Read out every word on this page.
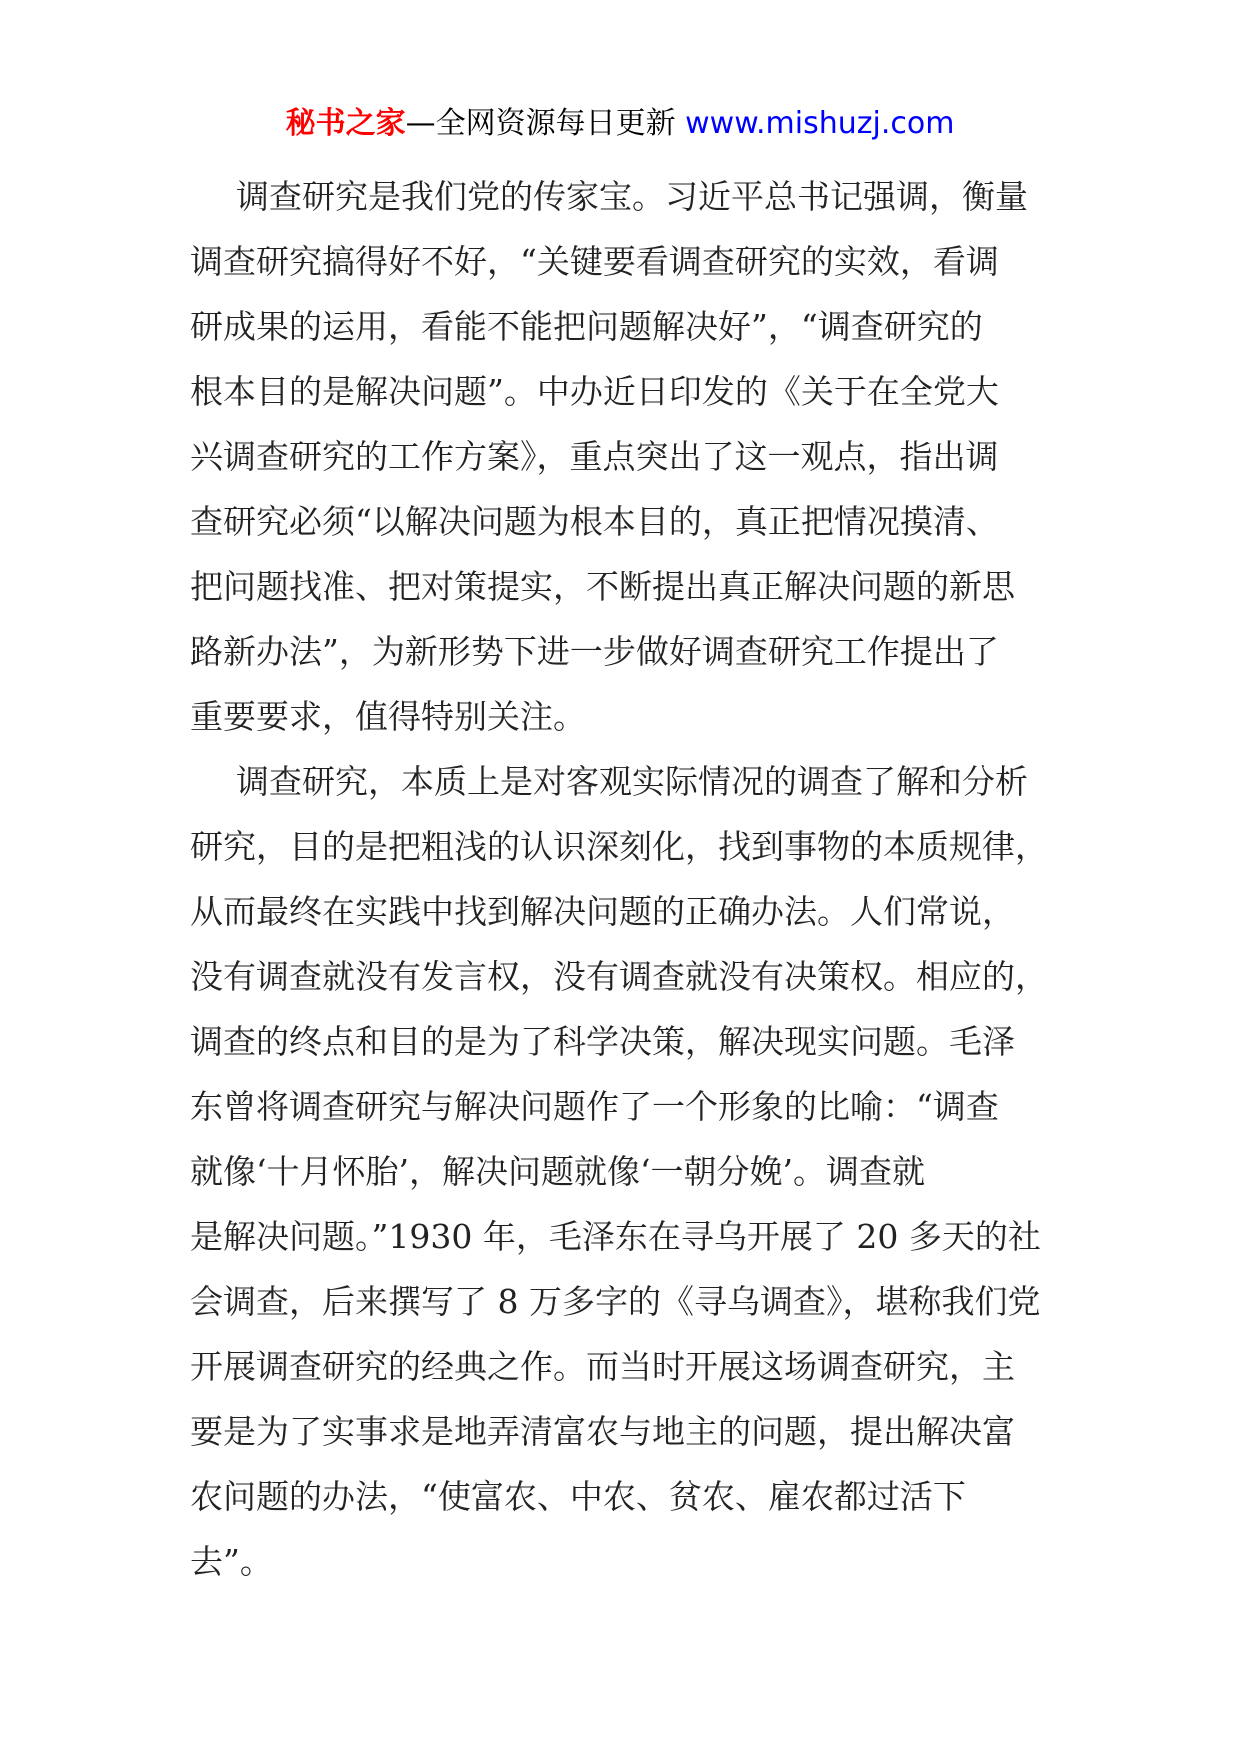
秘书之家—全网资源每日更新 www.mishuzj.com
调查研究是我们党的传家宝。习近平总书记强调，衡量
调查研究搞得好不好，“关键要看调查研究的实效，看调
研成果的运用，看能不能把问题解决好”，“调查研究的
根本目的是解决问题”。中办近日印发的《关于在全党大
兴调查研究的工作方案》，重点突出了这一观点，指出调
查研究必须“以解决问题为根本目的，真正把情况摸清、
把问题找准、把对策提实，不断提出真正解决问题的新思
路新办法”，为新形势下进一步做好调查研究工作提出了
重要要求，值得特别关注。
调查研究，本质上是对客观实际情况的调查了解和分析
研究，目的是把粗浅的认识深刻化，找到事物的本质规律，
从而最终在实践中找到解决问题的正确办法。人们常说，
没有调查就没有发言权，没有调查就没有决策权。相应的，
调查的终点和目的是为了科学决策，解决现实问题。毛泽
东曾将调查研究与解决问题作了一个形象的比喻：“调查
就像‘十月怀胎’，解决问题就像‘一朝分娩’。调查就
是解决问题。”1930 年，毛泽东在寻乌开展了 20 多天的社
会调查，后来撰写了 8 万多字的《寻乌调查》，堪称我们党
开展调查研究的经典之作。而当时开展这场调查研究，主
要是为了实事求是地弄清富农与地主的问题，提出解决富
农问题的办法，“使富农、中农、贫农、雇农都过活下
去”。
